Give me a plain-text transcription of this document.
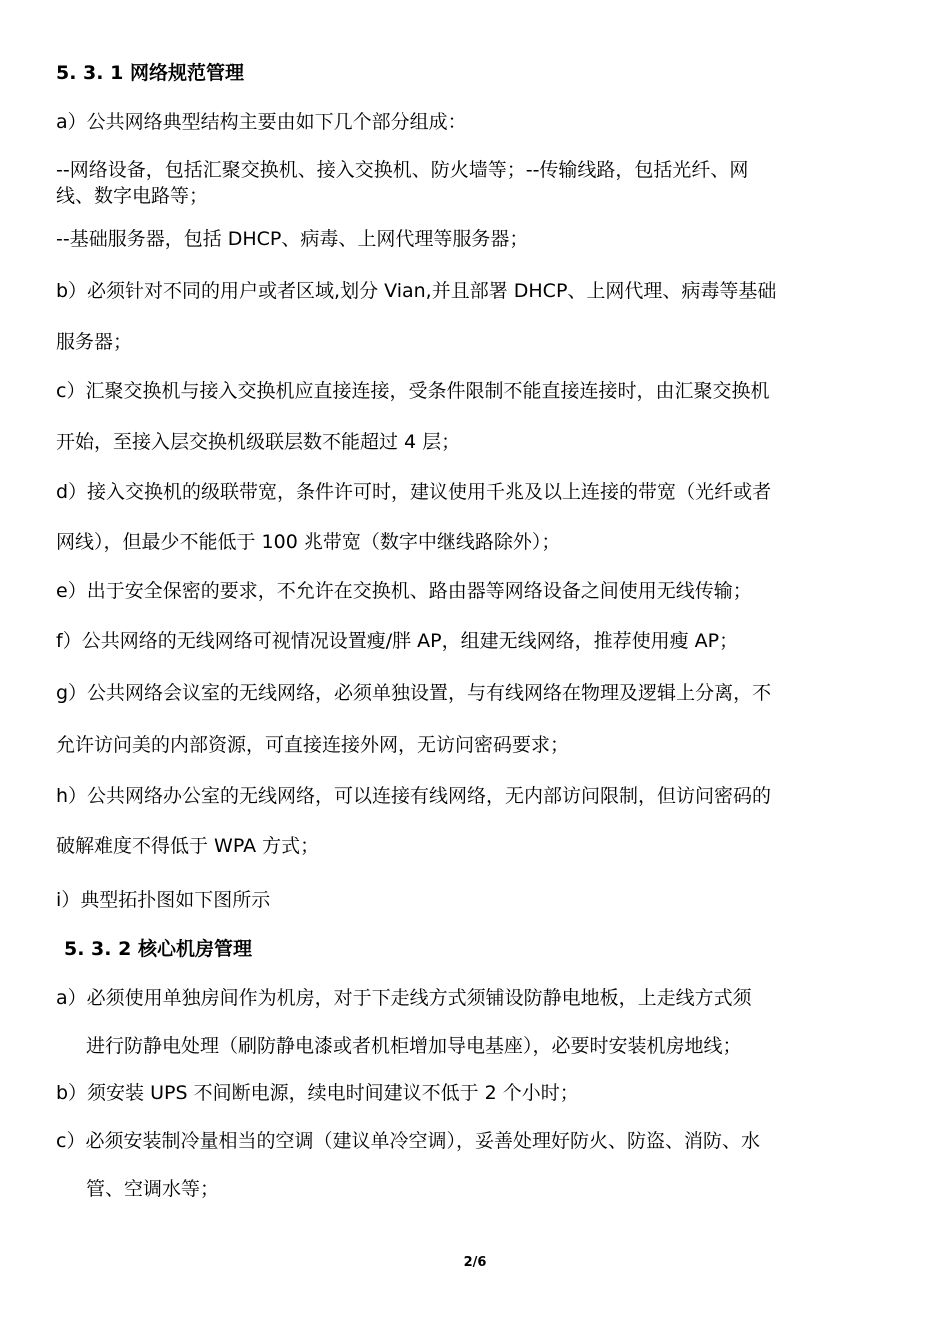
5. 3. 1 网络规范管理
a）公共网络典型结构主要由如下几个部分组成：
--网络设备，包括汇聚交换机、接入交换机、防火墙等；--传输线路，包括光纤、网
线、数字电路等；
--基础服务器，包括 DHCP、病毒、上网代理等服务器；
b）必须针对不同的用户或者区域,划分 Vian,并且部署 DHCP、上网代理、病毒等基础
服务器；
c）汇聚交换机与接入交换机应直接连接，受条件限制不能直接连接时，由汇聚交换机
开始，至接入层交换机级联层数不能超过 4 层；
d）接入交换机的级联带宽，条件许可时，建议使用千兆及以上连接的带宽（光纤或者
网线），但最少不能低于 100 兆带宽（数字中继线路除外）；
e）出于安全保密的要求，不允许在交换机、路由器等网络设备之间使用无线传输；
f）公共网络的无线网络可视情况设置瘦/胖 AP，组建无线网络，推荐使用瘦 AP；
g）公共网络会议室的无线网络，必须单独设置，与有线网络在物理及逻辑上分离，不
允许访问美的内部资源，可直接连接外网，无访问密码要求；
h）公共网络办公室的无线网络，可以连接有线网络，无内部访问限制，但访问密码的
破解难度不得低于 WPA 方式；
i）典型拓扑图如下图所示
5. 3. 2 核心机房管理
a）必须使用单独房间作为机房，对于下走线方式须铺设防静电地板，上走线方式须
进行防静电处理（刷防静电漆或者机柜增加导电基座），必要时安装机房地线；
b）须安装 UPS 不间断电源，续电时间建议不低于 2 个小时；
c）必须安装制冷量相当的空调（建议单冷空调），妥善处理好防火、防盗、消防、水
管、空调水等；
2/6
